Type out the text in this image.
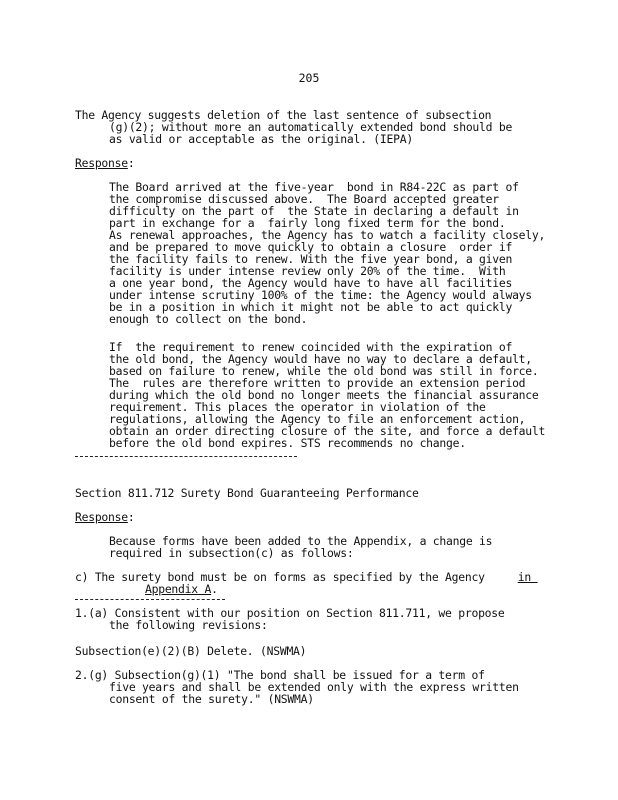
205
The Agency suggests deletion of the last sentence of subsection
(g)(2); without more an automatically extended bond should be
as valid or acceptable as the original. (IEPA)
Response:
The Board arrived at the five-year  bond in R84-22C as part of
the compromise discussed above.  The Board accepted greater
difficulty on the part of  the State in declaring a default in
part in exchange for a  fairly long fixed term for the bond.
As renewal approaches, the Agency has to watch a facility closely,
and be prepared to move quickly to obtain a closure  order if
the facility fails to renew. With the five year bond, a given
facility is under intense review only 20% of the time.  With
a one year bond, the Agency would have to have all facilities
under intense scrutiny 100% of the time: the Agency would always
be in a position in which it might not be able to act quickly
enough to collect on the bond.
If  the requirement to renew coincided with the expiration of
the old bond, the Agency would have no way to declare a default,
based on failure to renew, while the old bond was still in force.
The  rules are therefore written to provide an extension period
during which the old bond no longer meets the financial assurance
requirement. This places the operator in violation of the
regulations, allowing the Agency to file an enforcement action,
obtain an order directing closure of the site, and force a default
before the old bond expires. STS recommends no change.
Section 811.712 Surety Bond Guaranteeing Performance
Response:
Because forms have been added to the Appendix, a change is
required in subsection(c) as follows:
c) The surety bond must be on forms as specified by the Agency	in
Appendix A.
1.(a) Consistent with our position on Section 811.711, we propose
the following revisions:
Subsection(e)(2)(B) Delete. (NSWMA)
2.(g) Subsection(g)(1) "The bond shall be issued for a term of
five years and shall be extended only with the express written
consent of the surety." (NSWMA)
